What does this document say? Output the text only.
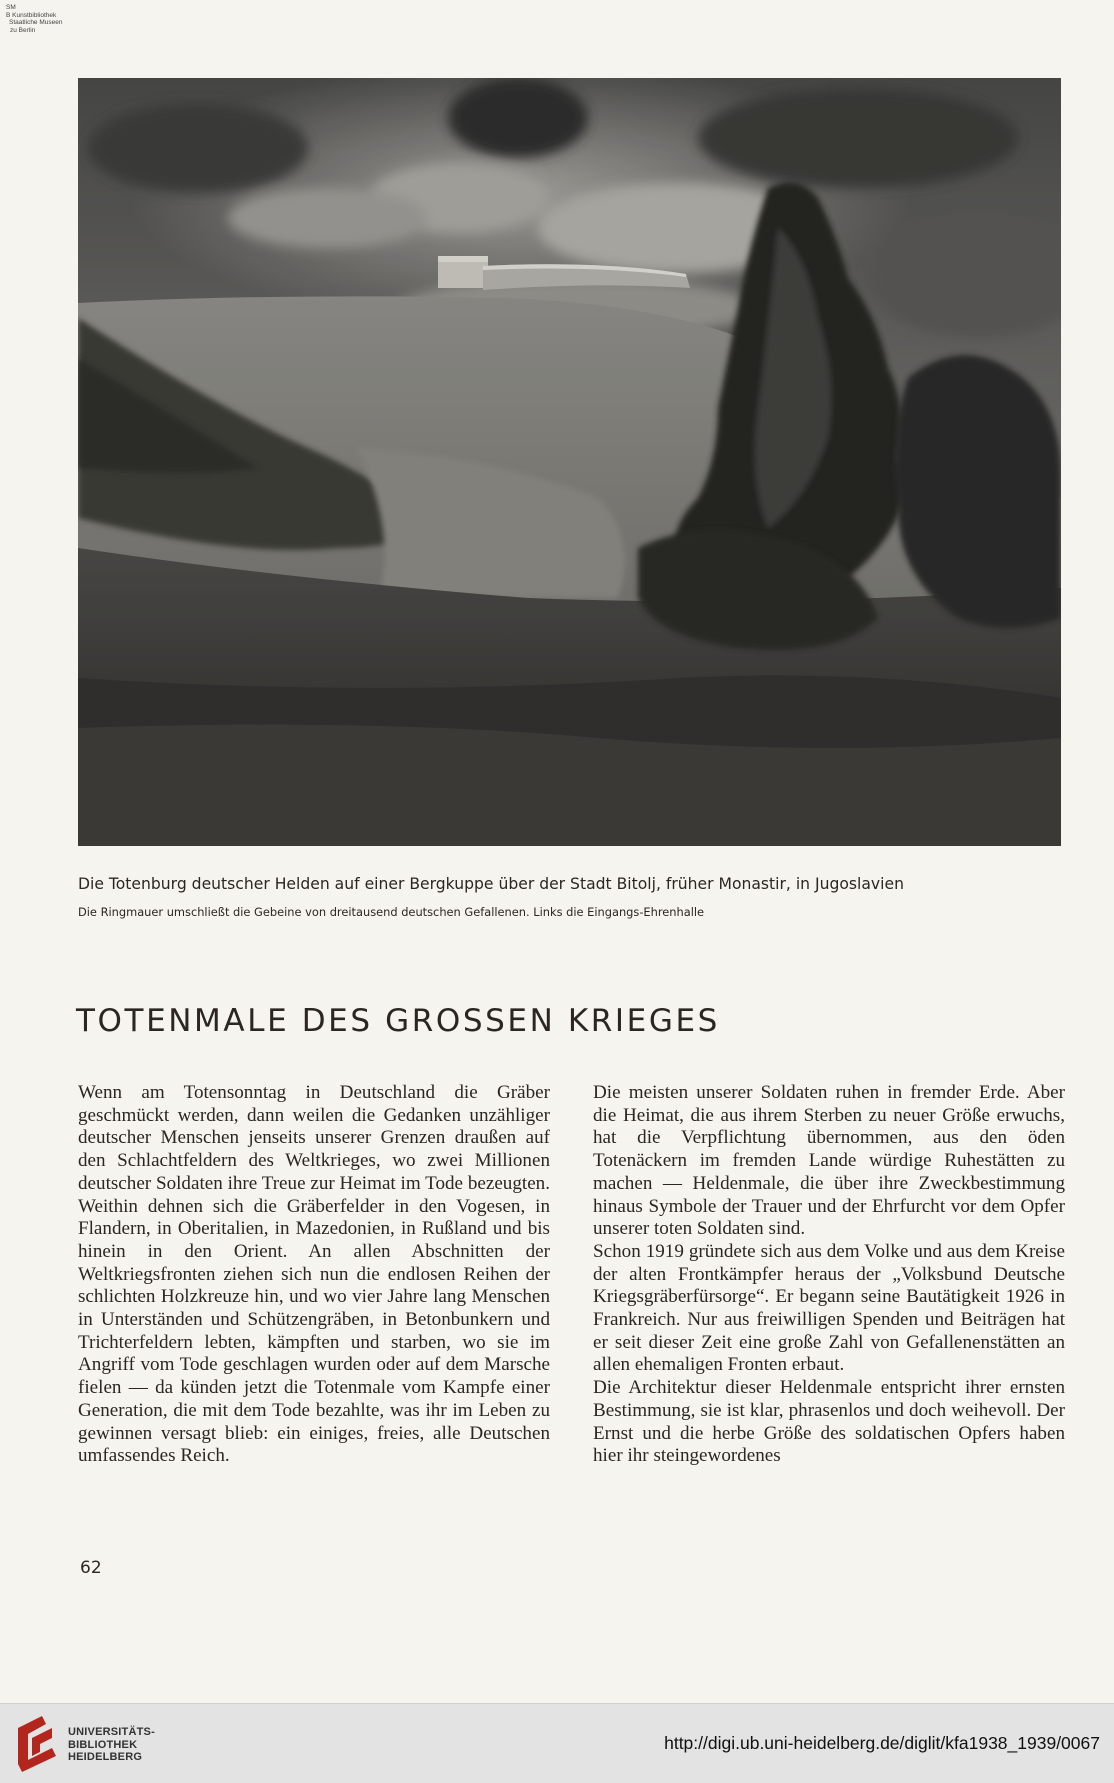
SM
B Kunstbibliothek
Staatliche Museen
zu Berlin
Die Totenburg deutscher Helden auf einer Bergkuppe über der Stadt Bitolj, früher Monastir, in Jugoslavien
Die Ringmauer umschließt die Gebeine von dreitausend deutschen Gefallenen. Links die Eingangs-Ehrenhalle
TOTENMALE DES GROSSEN KRIEGES

Wenn am Totensonntag in Deutschland die Gräber geschmückt werden, dann weilen die Gedanken unzähliger deutscher Menschen jenseits unserer Grenzen draußen auf den Schlachtfeldern des Weltkrieges, wo zwei Millionen deutscher Soldaten ihre Treue zur Heimat im Tode bezeugten. Weithin dehnen sich die Gräberfelder in den Vogesen, in Flandern, in Oberitalien, in Mazedonien, in Rußland und bis hinein in den Orient. An allen Abschnitten der Weltkriegsfronten ziehen sich nun die endlosen Reihen der schlichten Holzkreuze hin, und wo vier Jahre lang Menschen in Unterständen und Schützengräben, in Betonbunkern und Trichterfeldern lebten, kämpften und starben, wo sie im Angriff vom Tode geschlagen wurden oder auf dem Marsche fielen — da künden jetzt die Totenmale vom Kampfe einer Generation, die mit dem Tode bezahlte, was ihr im Leben zu gewinnen versagt blieb: ein einiges, freies, alle Deutschen umfassendes Reich.

Die meisten unserer Soldaten ruhen in fremder Erde. Aber die Heimat, die aus ihrem Sterben zu neuer Größe erwuchs, hat die Verpflichtung übernommen, aus den öden Totenäckern im fremden Lande würdige Ruhestätten zu machen — Heldenmale, die über ihre Zweckbestimmung hinaus Symbole der Trauer und der Ehrfurcht vor dem Opfer unserer toten Soldaten sind.

Schon 1919 gründete sich aus dem Volke und aus dem Kreise der alten Frontkämpfer heraus der „Volksbund Deutsche Kriegsgräberfürsorge“. Er begann seine Bautätigkeit 1926 in Frankreich. Nur aus freiwilligen Spenden und Beiträgen hat er seit dieser Zeit eine große Zahl von Gefallenenstätten an allen ehemaligen Fronten erbaut.

Die Architektur dieser Heldenmale entspricht ihrer ernsten Bestimmung, sie ist klar, phrasenlos und doch weihevoll. Der Ernst und die herbe Größe des soldatischen Opfers haben hier ihr steingewordenes

62
UNIVERSITÄTS-
BIBLIOTHEK
HEIDELBERG
http://digi.ub.uni-heidelberg.de/diglit/kfa1938_1939/0067
